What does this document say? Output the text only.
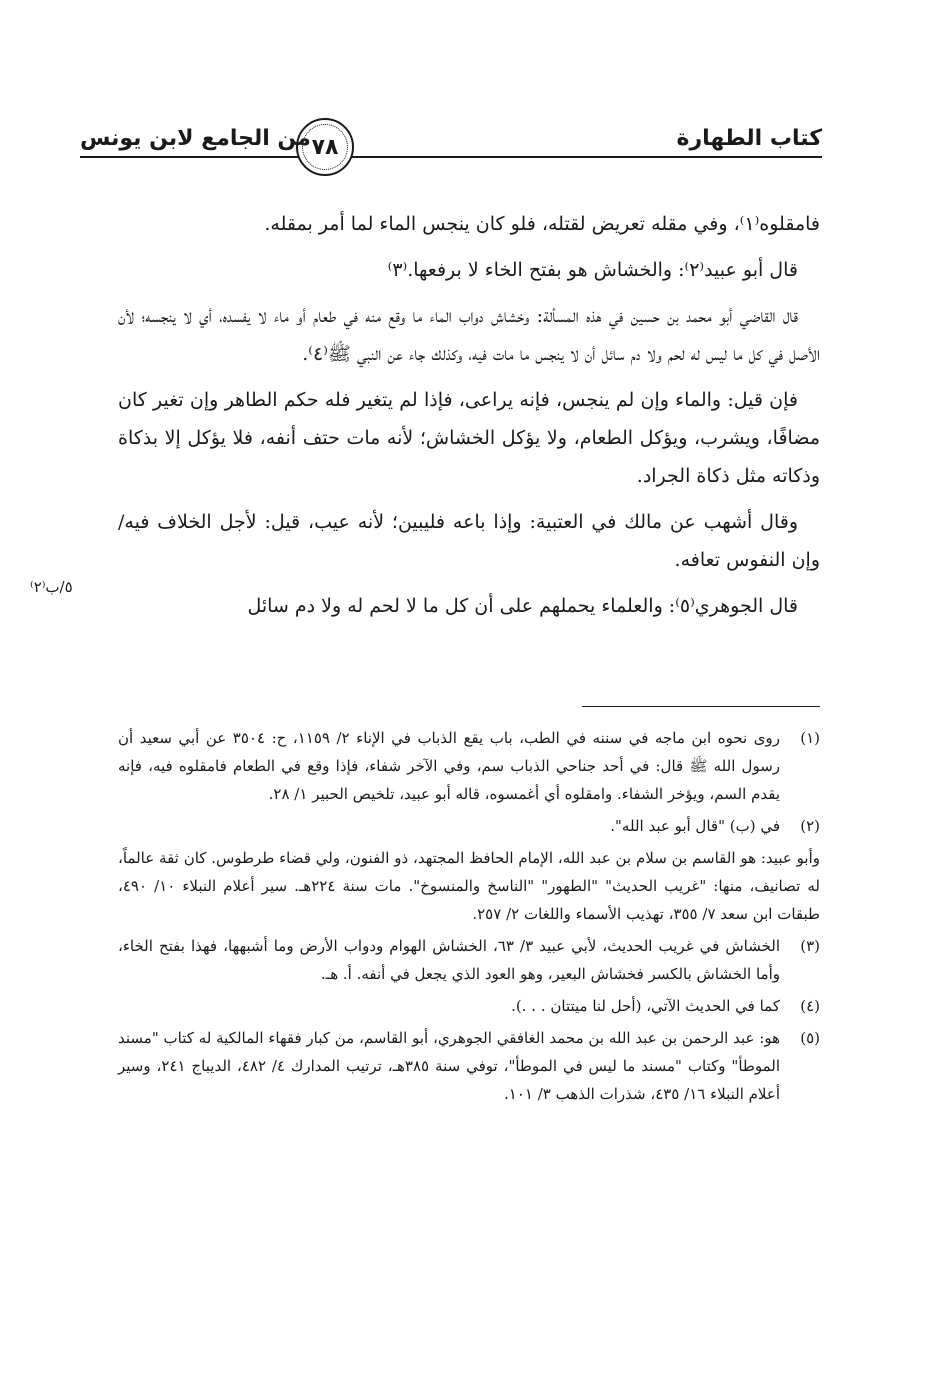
كتاب الطهارة
٧٨
من الجامع لابن يونس
٥/ب⁽٢⁾

فامقلوه⁽١⁾، وفي مقله تعريض لقتله، فلو كان ينجس الماء لما أمر بمقله.

قال أبو عبيد⁽٢⁾: والخشاش هو بفتح الخاء لا برفعها.⁽٣⁾

قال القاضي أبو محمد بن حسين في هذه المسألة: وخشاش دواب الماء ما وقع منه في طعام أو ماء لا يفسده، أي لا ينجسه؛ لأن الأصل في كل ما ليس له لحم ولا دم سائل أن لا ينجس ما مات فيه، وكذلك جاء عن النبي ﷺ⁽٤⁾.

فإن قيل: والماء وإن لم ينجس، فإنه يراعى، فإذا لم يتغير فله حكم الطاهر وإن تغير كان مضافًا، ويشرب، ويؤكل الطعام، ولا يؤكل الخشاش؛ لأنه مات حتف أنفه، فلا يؤكل إلا بذكاة وذكاته مثل ذكاة الجراد.

وقال أشهب عن مالك في العتبية: وإذا باعه فليبين؛ لأنه عيب، قيل: لأجل الخلاف فيه/ وإن النفوس تعافه.

قال الجوهري⁽٥⁾: والعلماء يحملهم على أن كل ما لا لحم له ولا دم سائل

(١)
روى نحوه ابن ماجه في سننه في الطب، باب يقع الذباب في الإناء ٢/ ١١٥٩، ح: ٣٥٠٤ عن أبي سعيد أن رسول الله ﷺ قال: في أحد جناحي الذباب سم، وفي الآخر شفاء، فإذا وقع في الطعام فامقلوه فيه، فإنه يقدم السم، ويؤخر الشفاء. وامقلوه أي أغمسوه، قاله أبو عبيد، تلخيص الحبير ١/ ٢٨.
(٢)
في (ب) "قال أبو عبد الله".
وأبو عبيد: هو القاسم بن سلام بن عبد الله، الإمام الحافظ المجتهد، ذو الفنون، ولي قضاء طرطوس. كان ثقة عالماً، له تصانيف، منها: "غريب الحديث" "الطهور" "الناسخ والمنسوخ". مات سنة ٢٢٤هـ. سير أعلام النبلاء ١٠/ ٤٩٠، طبقات ابن سعد ٧/ ٣٥٥، تهذيب الأسماء واللغات ٢/ ٢٥٧.
(٣)
الخشاش في غريب الحديث، لأبي عبيد ٣/ ٦٣، الخشاش الهوام ودواب الأرض وما أشبهها، فهذا بفتح الخاء، وأما الخشاش بالكسر فخشاش البعير، وهو العود الذي يجعل في أنفه. أ. هـ.
(٤)
كما في الحديث الآتي، (أحل لنا ميتتان . . .).
(٥)
هو: عبد الرحمن بن عبد الله بن محمد الغافقي الجوهري، أبو القاسم، من كبار فقهاء المالكية له كتاب "مسند الموطأ" وكتاب "مسند ما ليس في الموطأ"، توفي سنة ٣٨٥هـ، ترتيب المدارك ٤/ ٤٨٢، الديباج ٢٤١، وسير أعلام النبلاء ١٦/ ٤٣٥، شذرات الذهب ٣/ ١٠١.
